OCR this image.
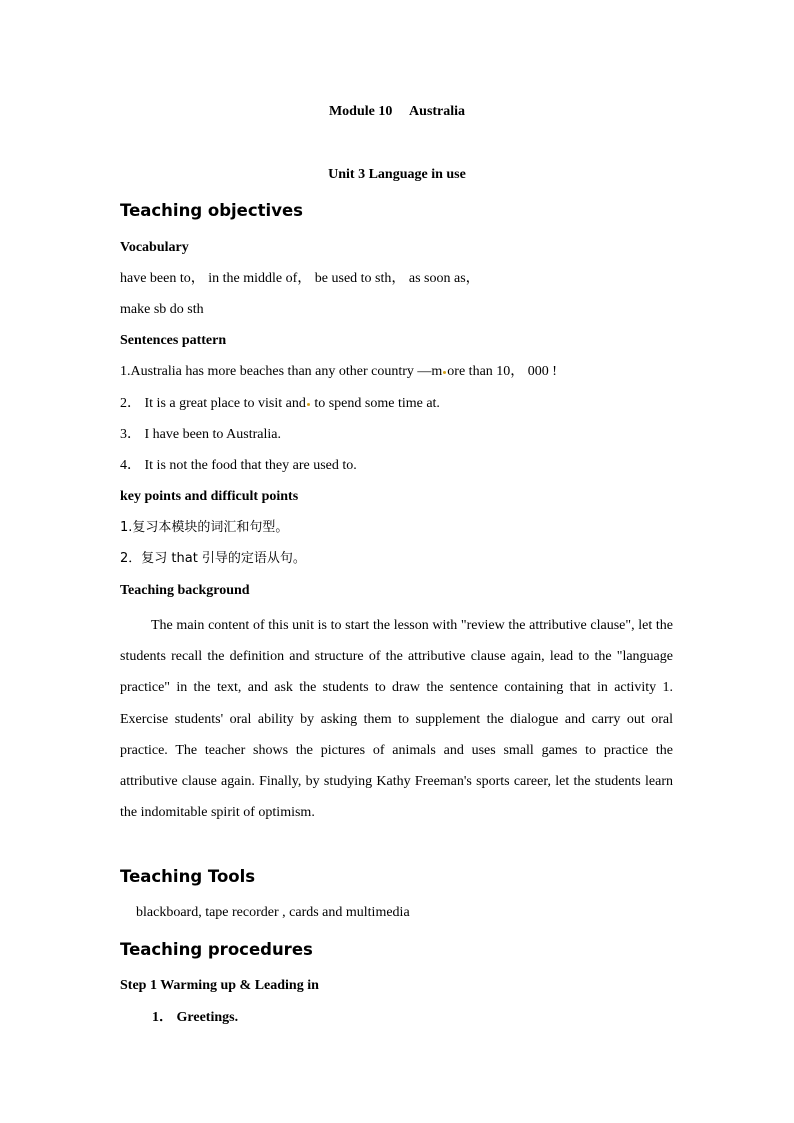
Module 10　 Australia
Unit 3 Language in use
Teaching objectives
Vocabulary
have been to， in the middle of， be used to sth， as soon as，
make sb do sth
Sentences pattern
1.Australia has more beaches than any other country —m ore than 10， 000 !
2． It is a great place to visit and to spend some time at.
3． I have been to Australia.
4． It is not the food that they are used to.
key points and difficult points
1.复习本模块的词汇和句型。
2．复习 that 引导的定语从句。
Teaching background
The main content of this unit is to start the lesson with "review the attributive clause", let the students recall the definition and structure of the attributive clause again, lead to the "language practice" in the text, and ask the students to draw the sentence containing that in activity 1. Exercise students' oral ability by asking them to supplement the dialogue and carry out oral practice. The teacher shows the pictures of animals and uses small games to practice the attributive clause again. Finally, by studying Kathy Freeman's sports career, let the students learn the indomitable spirit of optimism.
Teaching Tools
blackboard, tape recorder , cards and multimedia
Teaching procedures
Step 1 Warming up & Leading in
1． Greetings.
